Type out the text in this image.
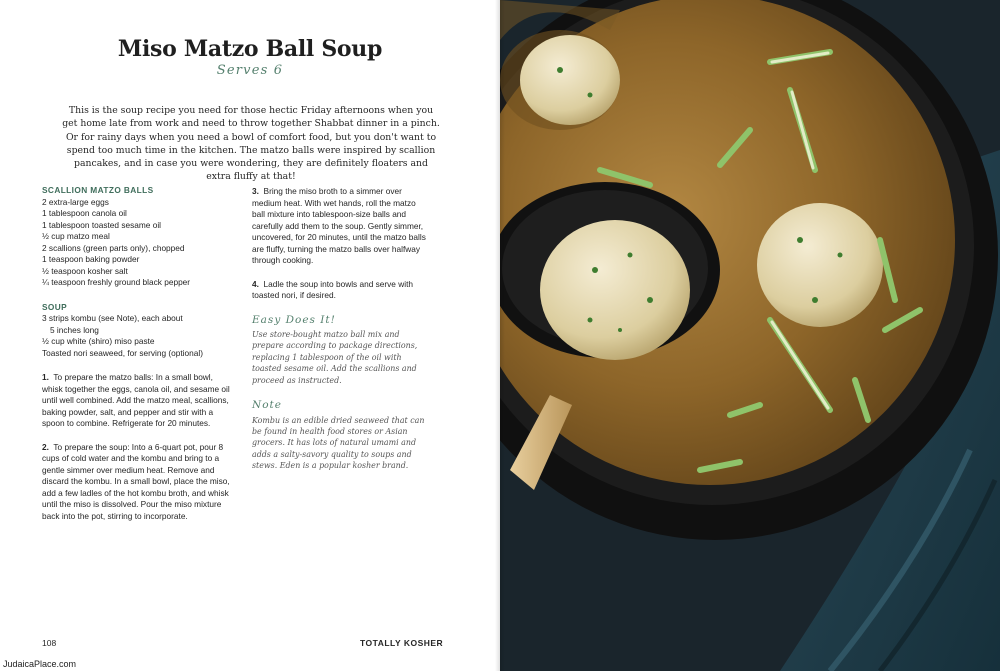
Miso Matzo Ball Soup

Serves 6

This is the soup recipe you need for those hectic Friday afternoons when you get home late from work and need to throw together Shabbat dinner in a pinch. Or for rainy days when you need a bowl of comfort food, but you don't want to spend too much time in the kitchen. The matzo balls were inspired by scallion pancakes, and in case you were wondering, they are definitely floaters and extra fluffy at that!

SCALLION MATZO BALLS

2 extra-large eggs
1 tablespoon canola oil
1 tablespoon toasted sesame oil
½ cup matzo meal
2 scallions (green parts only), chopped
1 teaspoon baking powder
½ teaspoon kosher salt
¼ teaspoon freshly ground black pepper

SOUP

3 strips kombu (see Note), each about
5 inches long
½ cup white (shiro) miso paste
Toasted nori seaweed, for serving (optional)

1. To prepare the matzo balls: In a small bowl, whisk together the eggs, canola oil, and sesame oil until well combined. Add the matzo meal, scallions, baking powder, salt, and pepper and stir with a spoon to combine. Refrigerate for 20 minutes.

2. To prepare the soup: Into a 6-quart pot, pour 8 cups of cold water and the kombu and bring to a gentle simmer over medium heat. Remove and discard the kombu. In a small bowl, place the miso, add a few ladles of the hot kombu broth, and whisk until the miso is dissolved. Pour the miso mixture back into the pot, stirring to incorporate.

3. Bring the miso broth to a simmer over medium heat. With wet hands, roll the matzo ball mixture into tablespoon-size balls and carefully add them to the soup. Gently simmer, uncovered, for 20 minutes, until the matzo balls are fluffy, turning the matzo balls over halfway through cooking.

4. Ladle the soup into bowls and serve with toasted nori, if desired.

Easy Does It!

Use store-bought matzo ball mix and prepare according to package directions, replacing 1 tablespoon of the oil with toasted sesame oil. Add the scallions and proceed as instructed.

Note

Kombu is an edible dried seaweed that can be found in health food stores or Asian grocers. It has lots of natural umami and adds a salty-savory quality to soups and stews. Eden is a popular kosher brand.

108	TOTALLY KOSHER

JudaicaPlace.com
